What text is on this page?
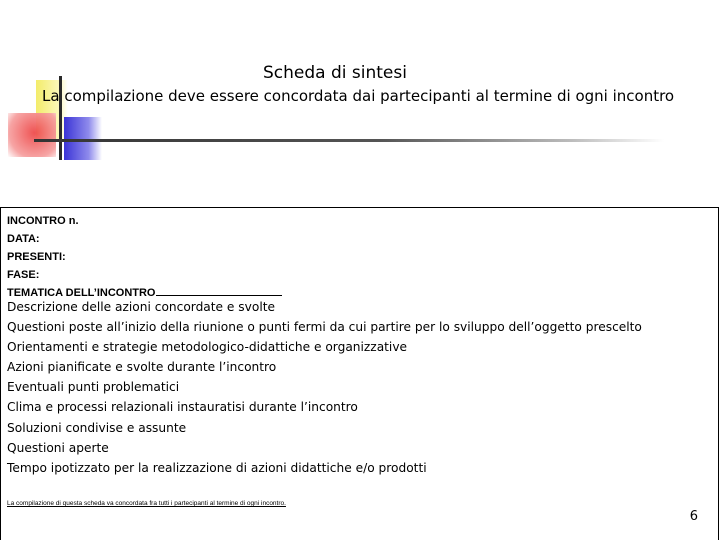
Scheda di sintesi
La compilazione deve essere concordata dai partecipanti al termine di ogni incontro
INCONTRO n.
DATA:
PRESENTI:
FASE:
TEMATICA DELL’INCONTRO
Descrizione delle azioni concordate e svolte
Questioni poste all’inizio della riunione o punti fermi da cui partire per lo sviluppo dell’oggetto prescelto
Orientamenti e strategie metodologico-didattiche e organizzative
Azioni pianificate e svolte durante l’incontro
Eventuali punti problematici
Clima e processi relazionali instauratisi durante l’incontro
Soluzioni condivise e assunte
Questioni aperte
Tempo ipotizzato per la realizzazione di azioni didattiche e/o prodotti
La compilazione di questa scheda va concordata fra tutti i partecipanti al termine di ogni incontro.
6
